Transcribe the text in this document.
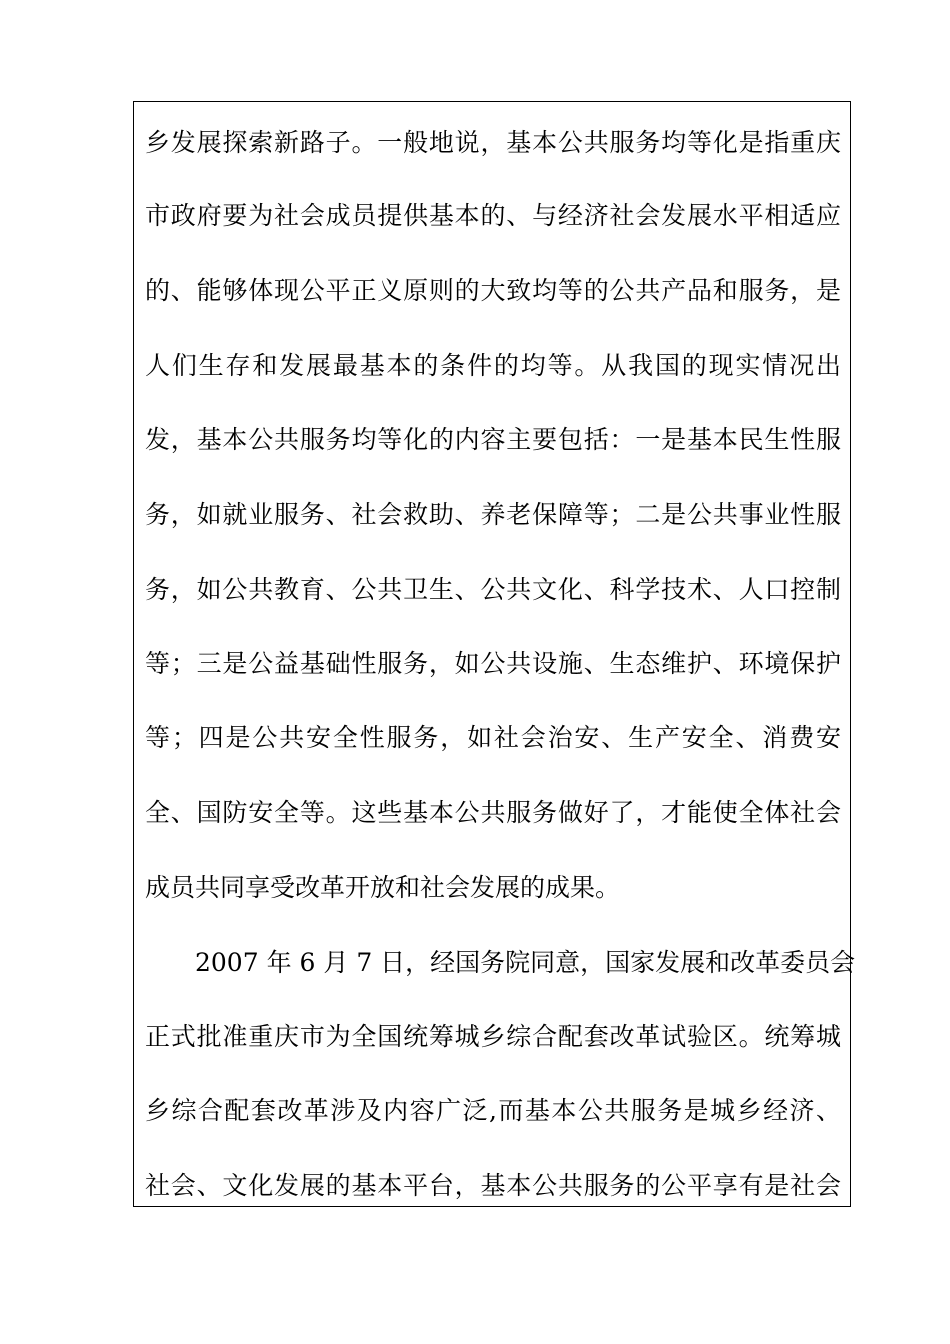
乡发展探索新路子。一般地说，基本公共服务均等化是指重庆
市政府要为社会成员提供基本的、与经济社会发展水平相适应
的、能够体现公平正义原则的大致均等的公共产品和服务，是
人们生存和发展最基本的条件的均等。从我国的现实情况出
发，基本公共服务均等化的内容主要包括：一是基本民生性服
务，如就业服务、社会救助、养老保障等；二是公共事业性服
务，如公共教育、公共卫生、公共文化、科学技术、人口控制
等；三是公益基础性服务，如公共设施、生态维护、环境保护
等；四是公共安全性服务，如社会治安、生产安全、消费安
全、国防安全等。这些基本公共服务做好了，才能使全体社会
成员共同享受改革开放和社会发展的成果。
　　2007 年 6 月 7 日，经国务院同意，国家发展和改革委员会
正式批准重庆市为全国统筹城乡综合配套改革试验区。统筹城
乡综合配套改革涉及内容广泛,而基本公共服务是城乡经济、
社会、文化发展的基本平台，基本公共服务的公平享有是社会
